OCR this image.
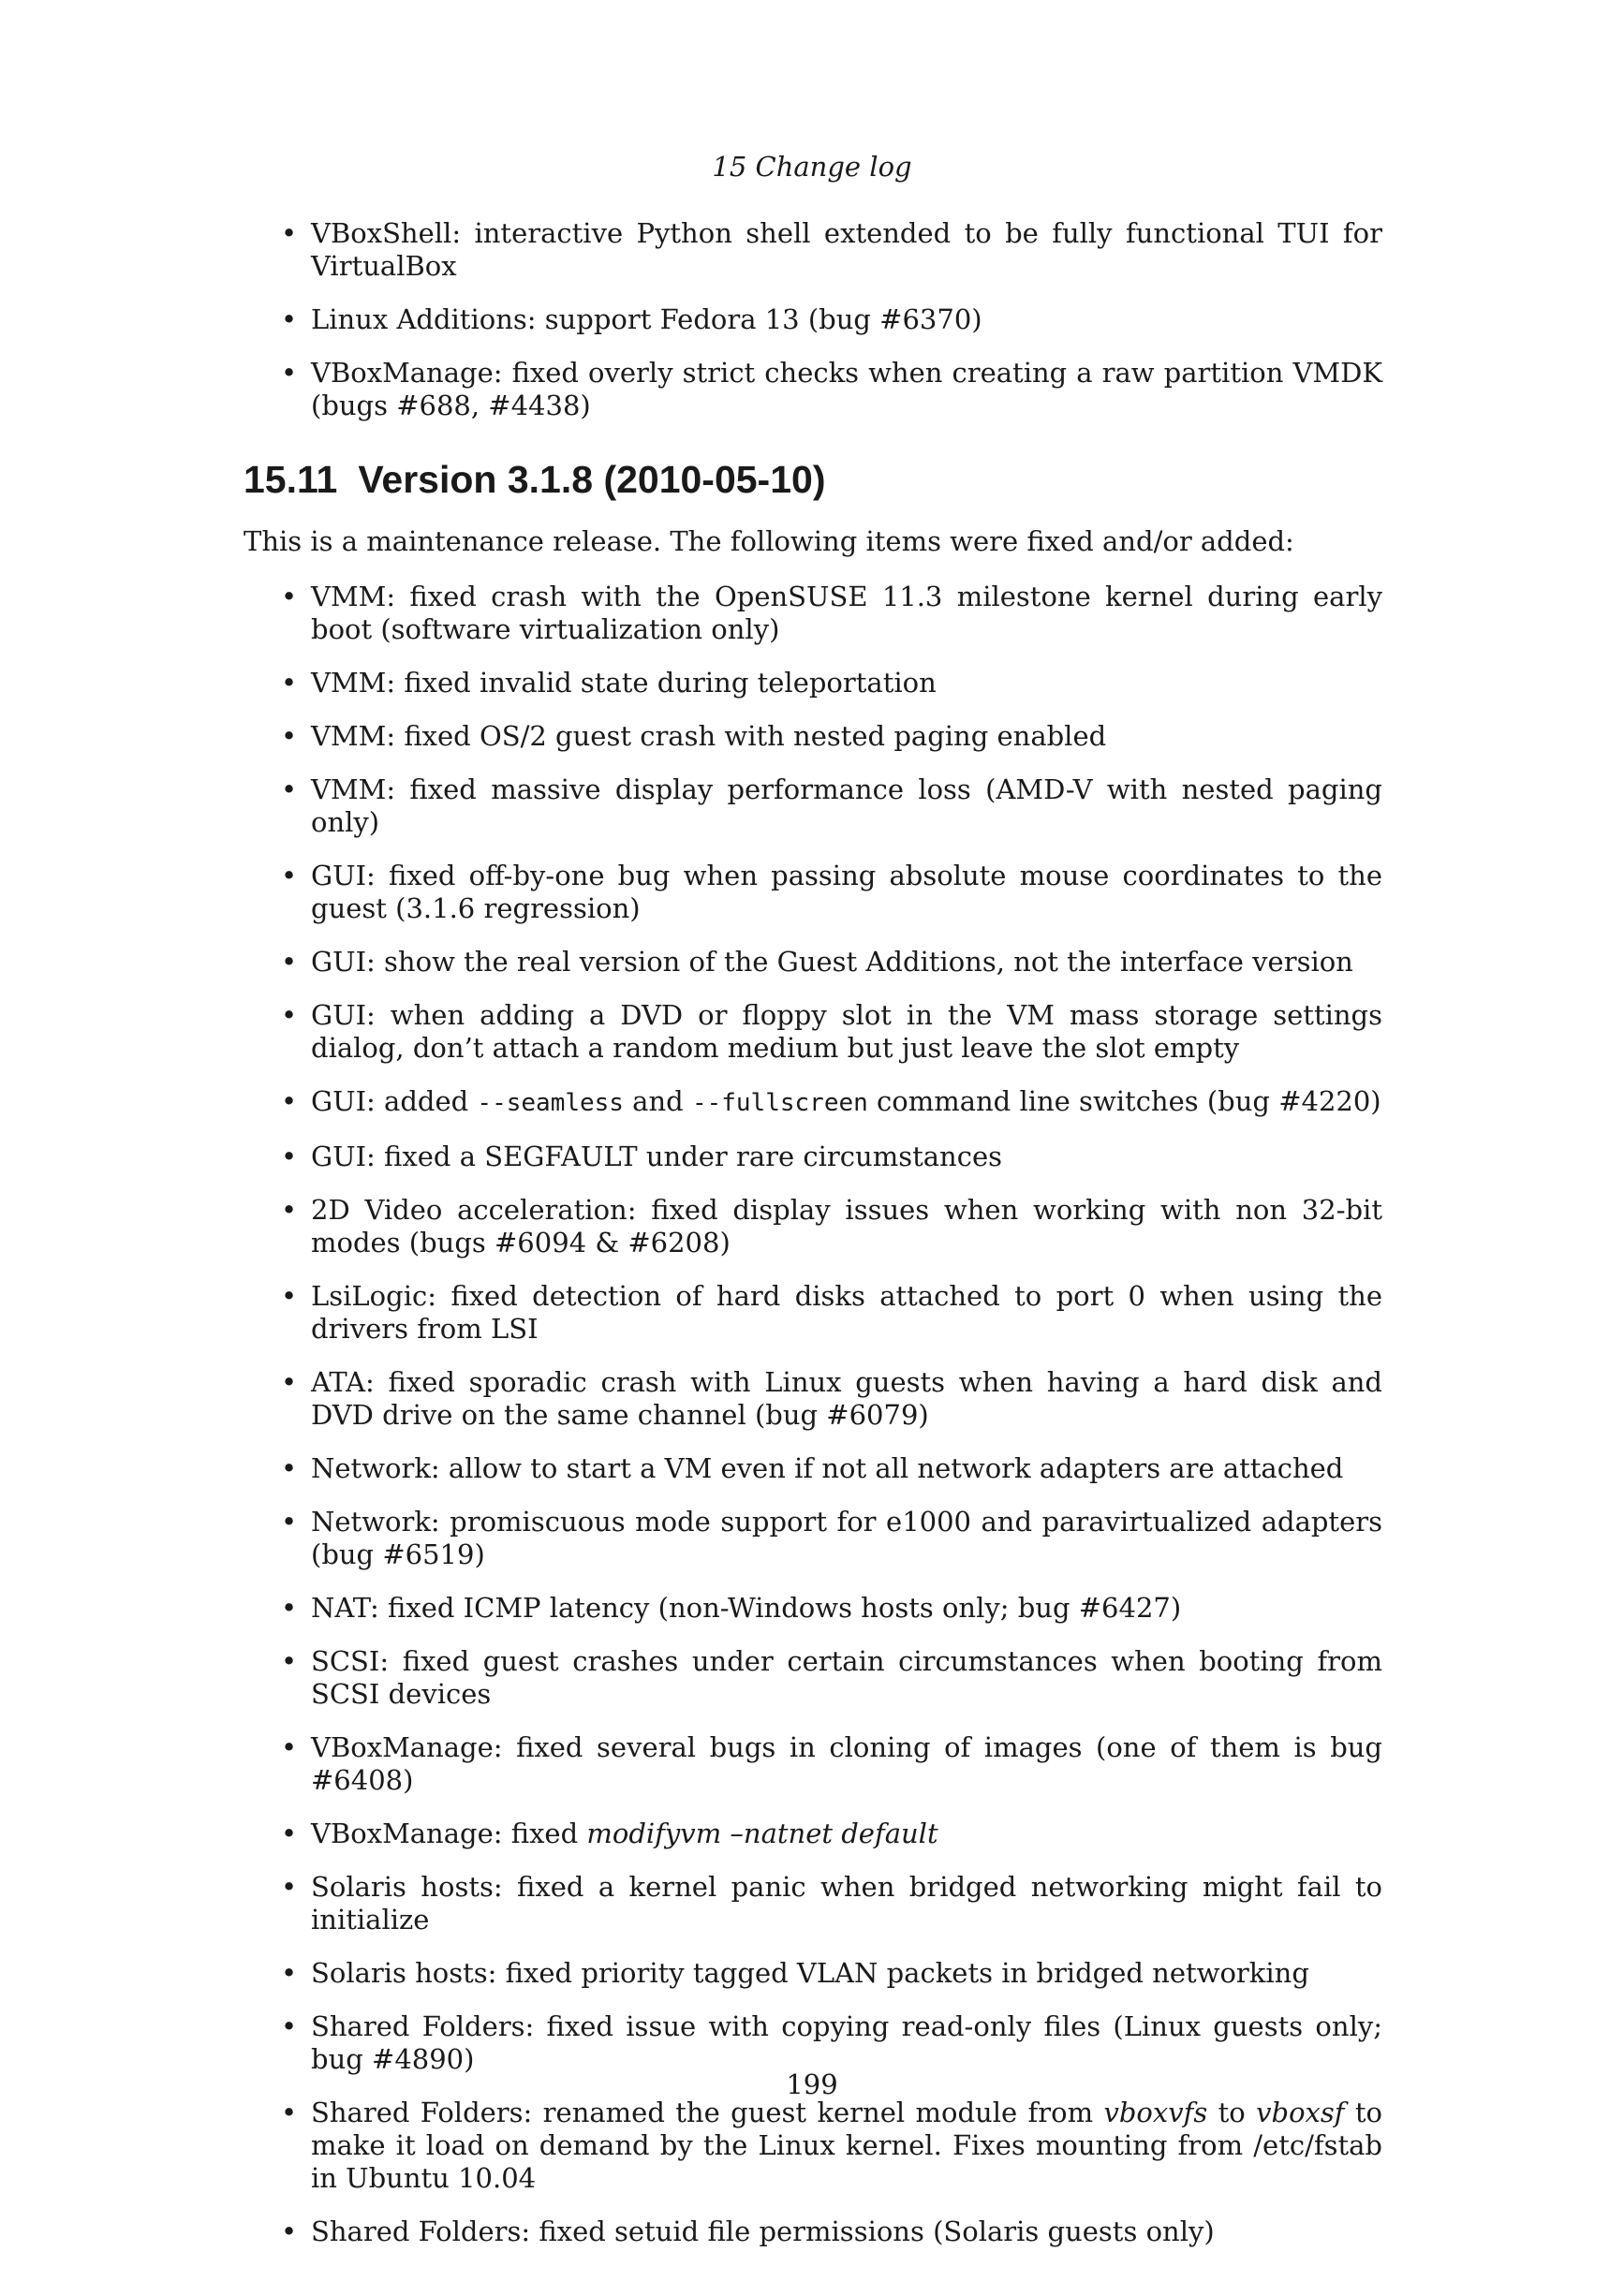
15 Change log
• VBoxShell: interactive Python shell extended to be fully functional TUI for VirtualBox
• Linux Additions: support Fedora 13 (bug #6370)
• VBoxManage: fixed overly strict checks when creating a raw partition VMDK (bugs #688, #4438)
15.11 Version 3.1.8 (2010-05-10)

This is a maintenance release. The following items were fixed and/or added:

• VMM: fixed crash with the OpenSUSE 11.3 milestone kernel during early boot (software virtualization only)
• VMM: fixed invalid state during teleportation
• VMM: fixed OS/2 guest crash with nested paging enabled
• VMM: fixed massive display performance loss (AMD-V with nested paging only)
• GUI: fixed off-by-one bug when passing absolute mouse coordinates to the guest (3.1.6 regression)
• GUI: show the real version of the Guest Additions, not the interface version
• GUI: when adding a DVD or floppy slot in the VM mass storage settings dialog, don’t attach a random medium but just leave the slot empty
• GUI: added --seamless and --fullscreen command line switches (bug #4220)
• GUI: fixed a SEGFAULT under rare circumstances
• 2D Video acceleration: fixed display issues when working with non 32-bit modes (bugs #6094 & #6208)
• LsiLogic: fixed detection of hard disks attached to port 0 when using the drivers from LSI
• ATA: fixed sporadic crash with Linux guests when having a hard disk and DVD drive on the same channel (bug #6079)
• Network: allow to start a VM even if not all network adapters are attached
• Network: promiscuous mode support for e1000 and paravirtualized adapters (bug #6519)
• NAT: fixed ICMP latency (non-Windows hosts only; bug #6427)
• SCSI: fixed guest crashes under certain circumstances when booting from SCSI devices
• VBoxManage: fixed several bugs in cloning of images (one of them is bug #6408)
• VBoxManage: fixed modifyvm –natnet default
• Solaris hosts: fixed a kernel panic when bridged networking might fail to initialize
• Solaris hosts: fixed priority tagged VLAN packets in bridged networking
• Shared Folders: fixed issue with copying read-only files (Linux guests only; bug #4890)
• Shared Folders: renamed the guest kernel module from vboxvfs to vboxsf to make it load on demand by the Linux kernel. Fixes mounting from /etc/fstab in Ubuntu 10.04
• Shared Folders: fixed setuid file permissions (Solaris guests only)
199
